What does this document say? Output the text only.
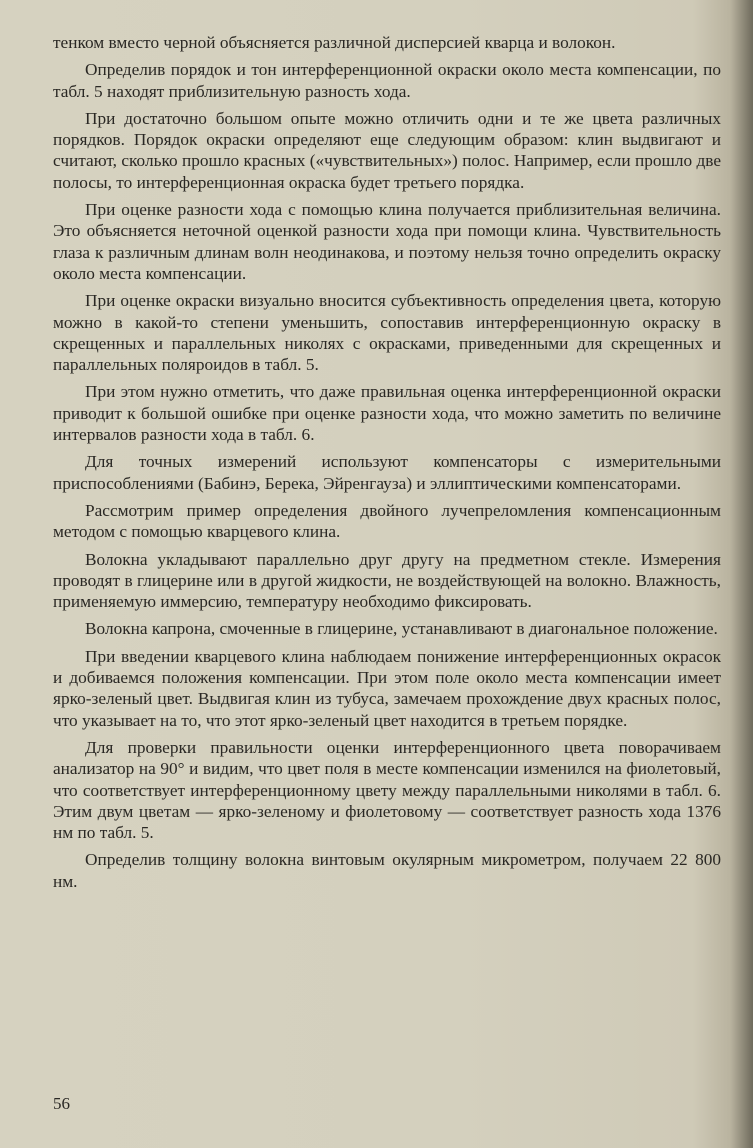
тенком вместо черной объясняется различной дисперсией кварца и волокон.

Определив порядок и тон интерференционной окраски около места компенсации, по табл. 5 находят приблизительную разность хода.

При достаточно большом опыте можно отличить одни и те же цвета различных порядков. Порядок окраски определяют еще следующим образом: клин выдвигают и считают, сколько прошло красных («чувствительных») полос. Например, если прошло две полосы, то интерференционная окраска будет третьего порядка.

При оценке разности хода с помощью клина получается приблизительная величина. Это объясняется неточной оценкой разности хода при помощи клина. Чувствительность глаза к различным длинам волн неодинакова, и поэтому нельзя точно определить окраску около места компенсации.

При оценке окраски визуально вносится субъективность определения цвета, которую можно в какой-то степени уменьшить, сопоставив интерференционную окраску в скрещенных и параллельных николях с окрасками, приведенными для скрещенных и параллельных поляроидов в табл. 5.

При этом нужно отметить, что даже правильная оценка интерференционной окраски приводит к большой ошибке при оценке разности хода, что можно заметить по величине интервалов разности хода в табл. 6.

Для точных измерений используют компенсаторы с измерительными приспособлениями (Бабинэ, Берека, Эйренгауза) и эллиптическими компенсаторами.

Рассмотрим пример определения двойного лучепреломления компенсационным методом с помощью кварцевого клина.

Волокна укладывают параллельно друг другу на предметном стекле. Измерения проводят в глицерине или в другой жидкости, не воздействующей на волокно. Влажность, применяемую иммерсию, температуру необходимо фиксировать.

Волокна капрона, смоченные в глицерине, устанавливают в диагональное положение.

При введении кварцевого клина наблюдаем понижение интерференционных окрасок и добиваемся положения компенсации. При этом поле около места компенсации имеет ярко-зеленый цвет. Выдвигая клин из тубуса, замечаем прохождение двух красных полос, что указывает на то, что этот ярко-зеленый цвет находится в третьем порядке.

Для проверки правильности оценки интерференционного цвета поворачиваем анализатор на 90° и видим, что цвет поля в месте компенсации изменился на фиолетовый, что соответствует интерференционному цвету между параллельными николями в табл. 6. Этим двум цветам — ярко-зеленому и фиолетовому — соответствует разность хода 1376 нм по табл. 5.

Определив толщину волокна винтовым окулярным микрометром, получаем 22 800 нм.

56
